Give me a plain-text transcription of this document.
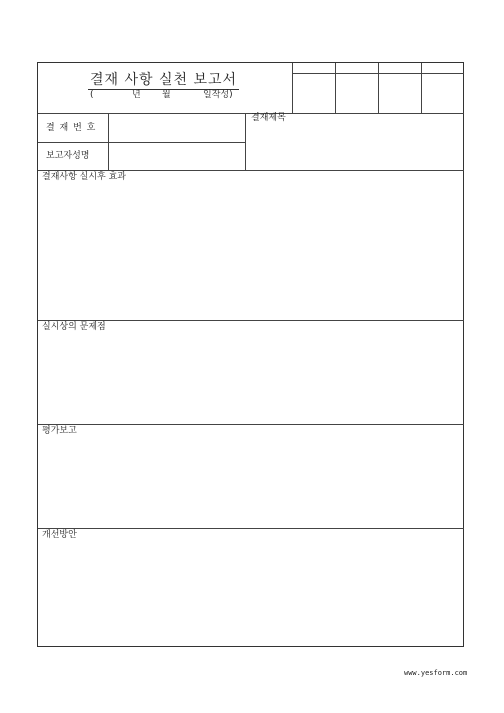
결재 사항 실천 보고서
(	년 월	일작성)
결 재 번 호
보고자성명
결재제목
결재사항 실시후 효과
실시상의 문제점
평가보고
개선방안
www.yesform.com
